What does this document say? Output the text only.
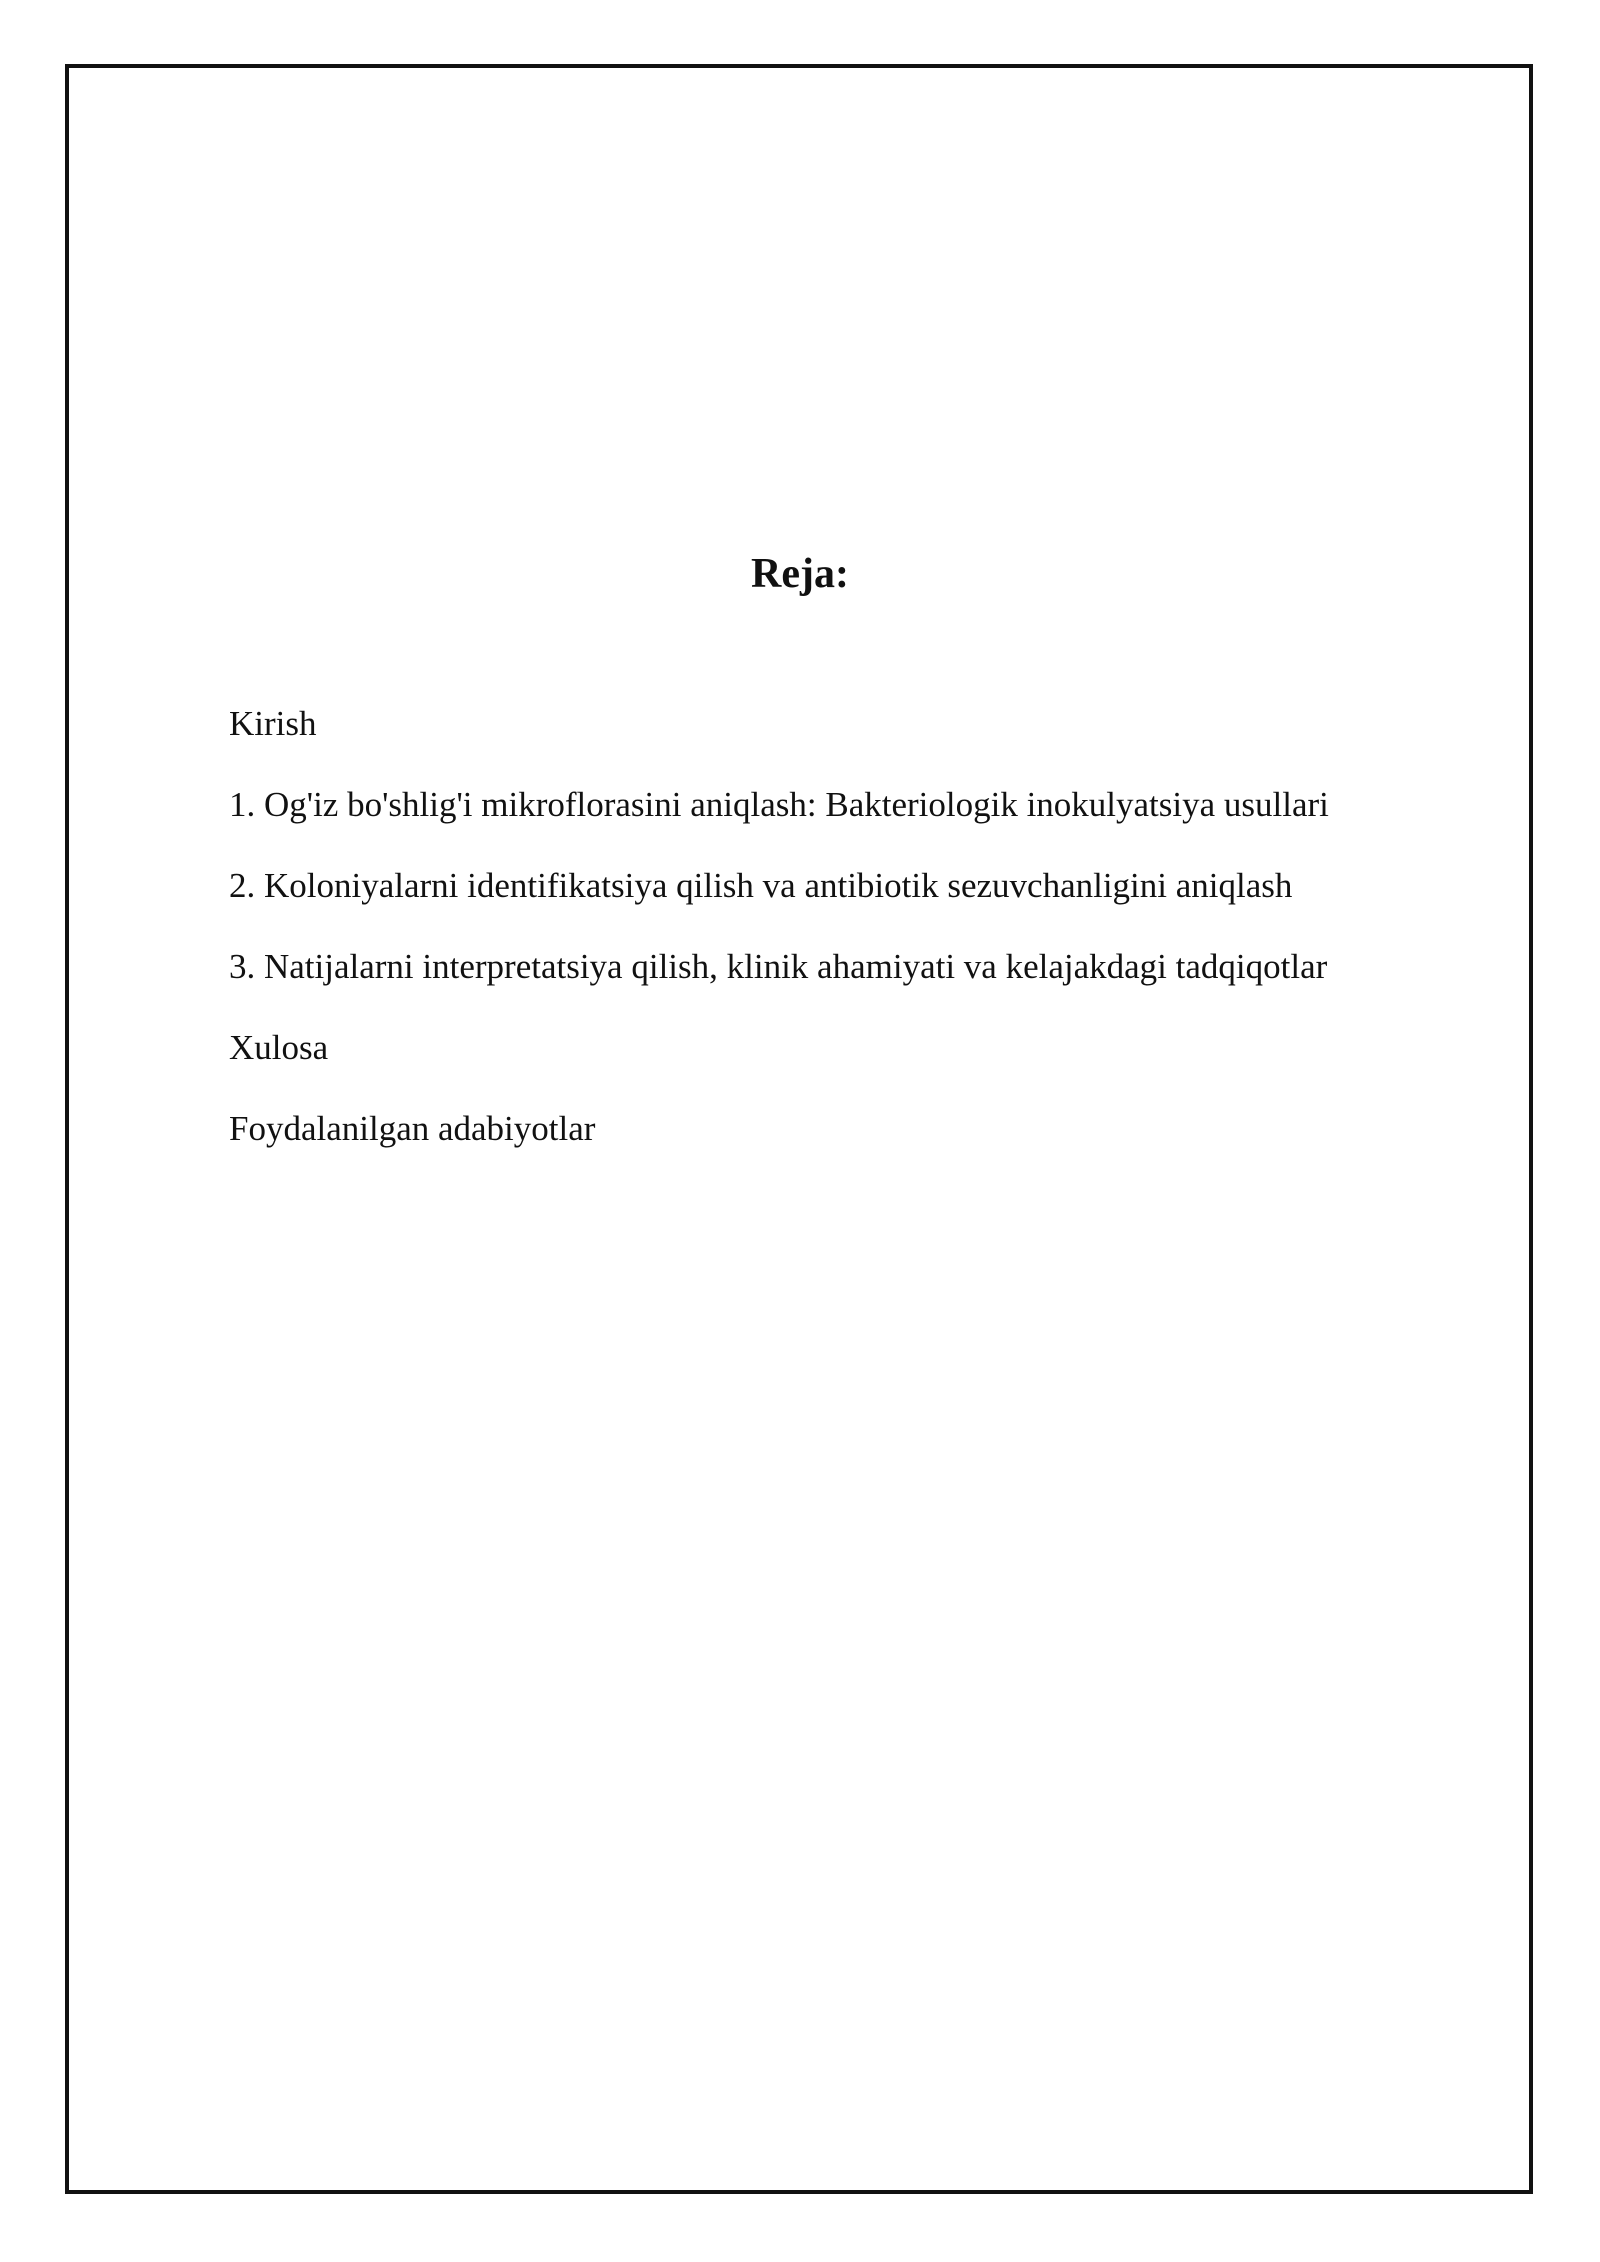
Reja:
Kirish
1. Og'iz bo'shlig'i mikroflorasini aniqlash: Bakteriologik inokulyatsiya usullari
2. Koloniyalarni identifikatsiya qilish va antibiotik sezuvchanligini aniqlash
3. Natijalarni interpretatsiya qilish, klinik ahamiyati va kelajakdagi tadqiqotlar
Xulosa
Foydalanilgan adabiyotlar
